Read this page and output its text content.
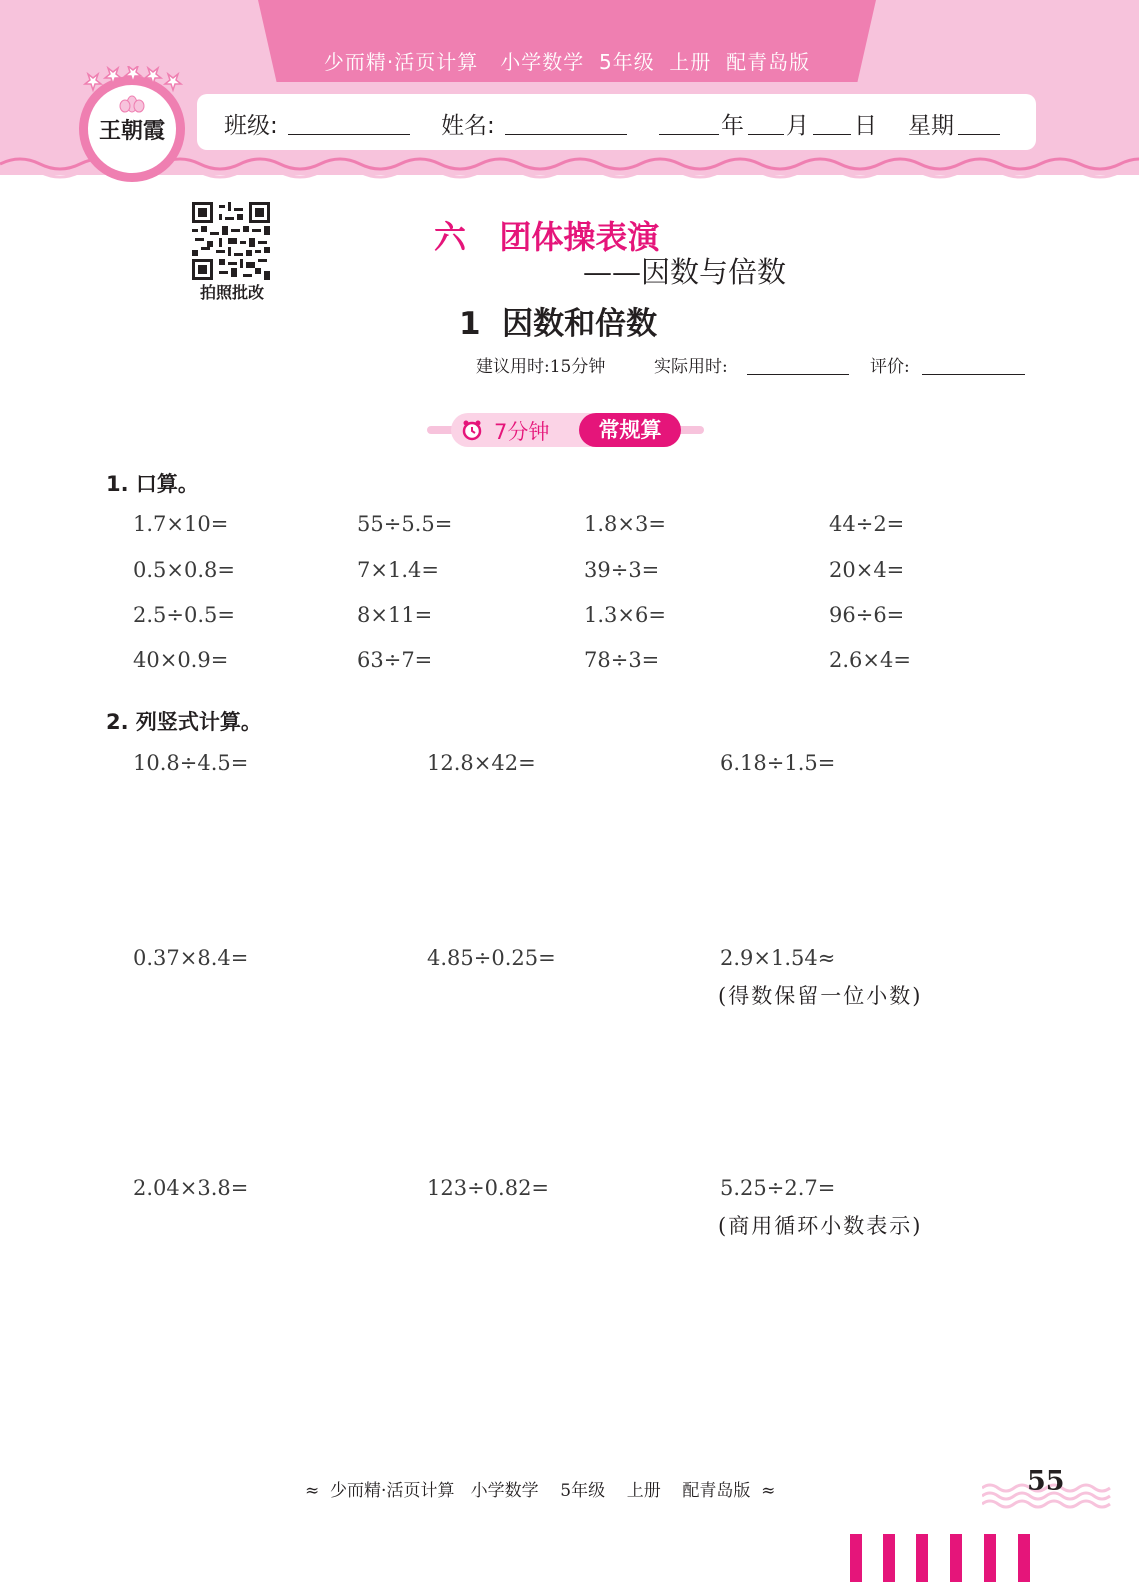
少而精·活页计算   小学数学  5年级  上册  配青岛版
班级:	姓名:	年 月 日 星期
王朝霞
拍照批改
六   团体操表演
——因数与倍数
1  因数和倍数
建议用时:15分钟	实际用时:	评价:
7分钟	常规算
1. 口算。
1.7×10=	55÷5.5=	1.8×3=	44÷2=
0.5×0.8=	7×1.4=	39÷3=	20×4=
2.5÷0.5=	8×11=	1.3×6=	96÷6=
40×0.9=	63÷7=	78÷3=	2.6×4=
2. 列竖式计算。
10.8÷4.5=	12.8×42=	6.18÷1.5=
0.37×8.4=	4.85÷0.25=	2.9×1.54≈
(得数保留一位小数)
2.04×3.8=	123÷0.82=	5.25÷2.7=
(商用循环小数表示)
≈  少而精·活页计算   小学数学    5年级    上册    配青岛版  ≈	55
